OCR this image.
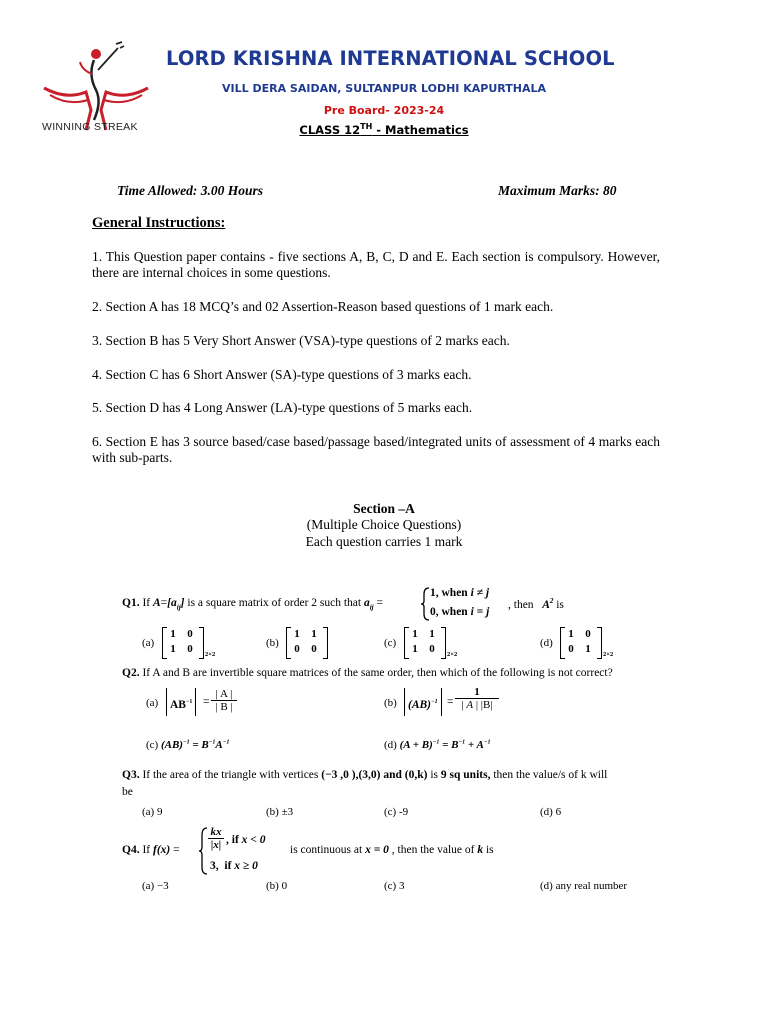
WINNING STREAK
LORD KRISHNA INTERNATIONAL SCHOOL
VILL DERA SAIDAN, SULTANPUR LODHI KAPURTHALA
Pre Board- 2023-24
CLASS 12TH - Mathematics
Time Allowed: 3.00 Hours	Maximum Marks: 80
General Instructions:
1. This Question paper contains - five sections A, B, C, D and E. Each section is compulsory. However, there are internal choices in some questions.
2. Section A has 18 MCQ’s and 02 Assertion-Reason based questions of 1 mark each.
3. Section B has 5 Very Short Answer (VSA)-type questions of 2 marks each.
4. Section C has 6 Short Answer (SA)-type questions of 3 marks each.
5. Section D has 4 Long Answer (LA)-type questions of 5 marks each.
6. Section E has 3 source based/case based/passage based/integrated units of assessment of 4 marks each with sub-parts.
Section –A
(Multiple Choice Questions)
Each question carries 1 mark
Q1. If $A=[a_{ij}]$ is a square matrix of order 2 such that $a_{ij}$ =
1, when i ≠ j
0, when i = j
, then $A^2$ is
(a)
1 0
1 0	2×2
(b)
1 1
0 0	(c)
1 1
1 0	2×2
(d)
1 0
0 1	2×2
Q2. If A and B are invertible square matrices of the same order, then which of the following is not correct?
(a)	$AB^{-1} = \frac{| A |}{| B |}$	(b) $(AB)^{-1} = \frac{1}{| A | |B|}$
(c) $(AB)^{-1} = B^{-1}A^{-1}$	(d) $(A + B)^{-1} = B^{-1} + A^{-1}$
Q3. If the area of the triangle with vertices (−3 ,0 ),(3,0) and (0,k) is 9 sq units, then the value/s of k will
be
(a) 9	(b) ±3	(c) -9	(d) 6
Q4. If f(x) =	$\frac{kx}{|x|}$ , if x < 0
3,  if x ≥ 0
is continuous at x = 0 , then the value of k is
(a) −3	(b) 0	(c) 3	(d) any real number
